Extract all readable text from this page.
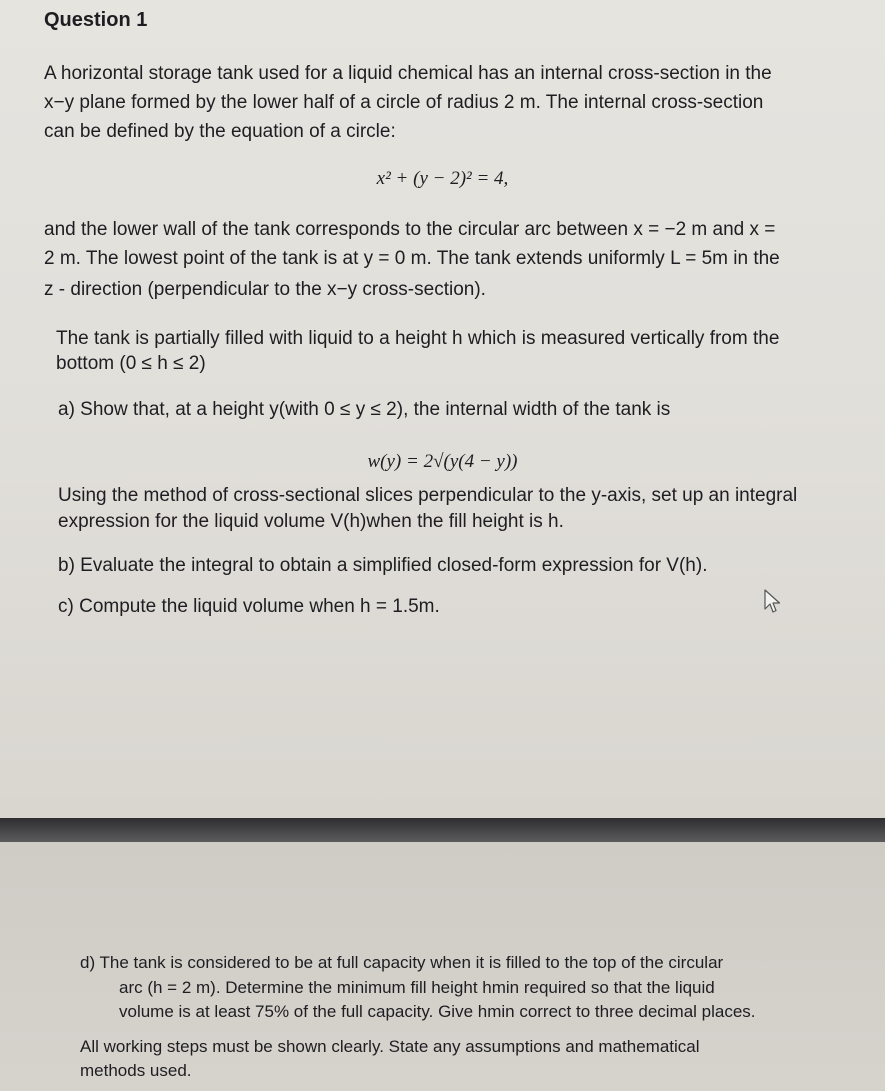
Question 1
A horizontal storage tank used for a liquid chemical has an internal cross-section in the
x−y plane formed by the lower half of a circle of radius 2 m. The internal cross-section
can be defined by the equation of a circle:
x² + (y − 2)² = 4,
and the lower wall of the tank corresponds to the circular arc between x = −2 m and x =
2 m. The lowest point of the tank is at y = 0 m. The tank extends uniformly L = 5m in the
z - direction (perpendicular to the x−y cross-section).
The tank is partially filled with liquid to a height h which is measured vertically from the
bottom (0 ≤ h ≤ 2)
a) Show that, at a height y(with 0 ≤ y ≤ 2), the internal width of the tank is
w(y) = 2√(y(4 − y))
Using the method of cross-sectional slices perpendicular to the y-axis, set up an integral
expression for the liquid volume V(h)when the fill height is h.
b) Evaluate the integral to obtain a simplified closed-form expression for V(h).
c) Compute the liquid volume when h = 1.5m.
d) The tank is considered to be at full capacity when it is filled to the top of the circular
arc (h = 2 m). Determine the minimum fill height hmin required so that the liquid
volume is at least 75% of the full capacity. Give hmin correct to three decimal places.
All working steps must be shown clearly. State any assumptions and mathematical
methods used.
